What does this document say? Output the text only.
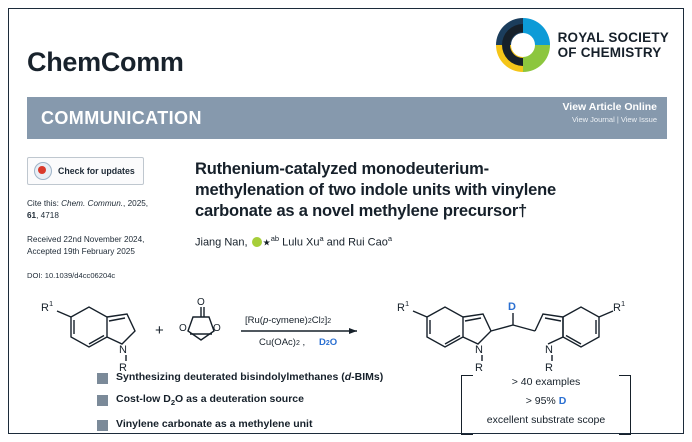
ChemComm
ROYAL SOCIETY
OF CHEMISTRY
COMMUNICATION
View Article Online
View Journal | View Issue
Check for updates
Cite this: Chem. Commun., 2025,
61, 4718
Received 22nd November 2024,
Accepted 19th February 2025
DOI: 10.1039/d4cc06204c
Ruthenium-catalyzed monodeuterium-
methylenation of two indole units with vinylene
carbonate as a novel methylene precursor†
Jiang Nan, ★$^{ab}$ Lulu Xu$^a$ and Rui Cao$^a$
R 1
N
R
+
O
O	O
[Ru(p-cymene)2Cl2]2
Cu(OAc)2 , D2O
R 1	R 1
D
N
R
N
R
Synthesizing deuterated bisindolylmethanes (d-BIMs)
Cost-low $D_2O$ as a deuteration source
Vinylene carbonate as a methylene unit
> 40 examples
> 95% D
excellent substrate scope
